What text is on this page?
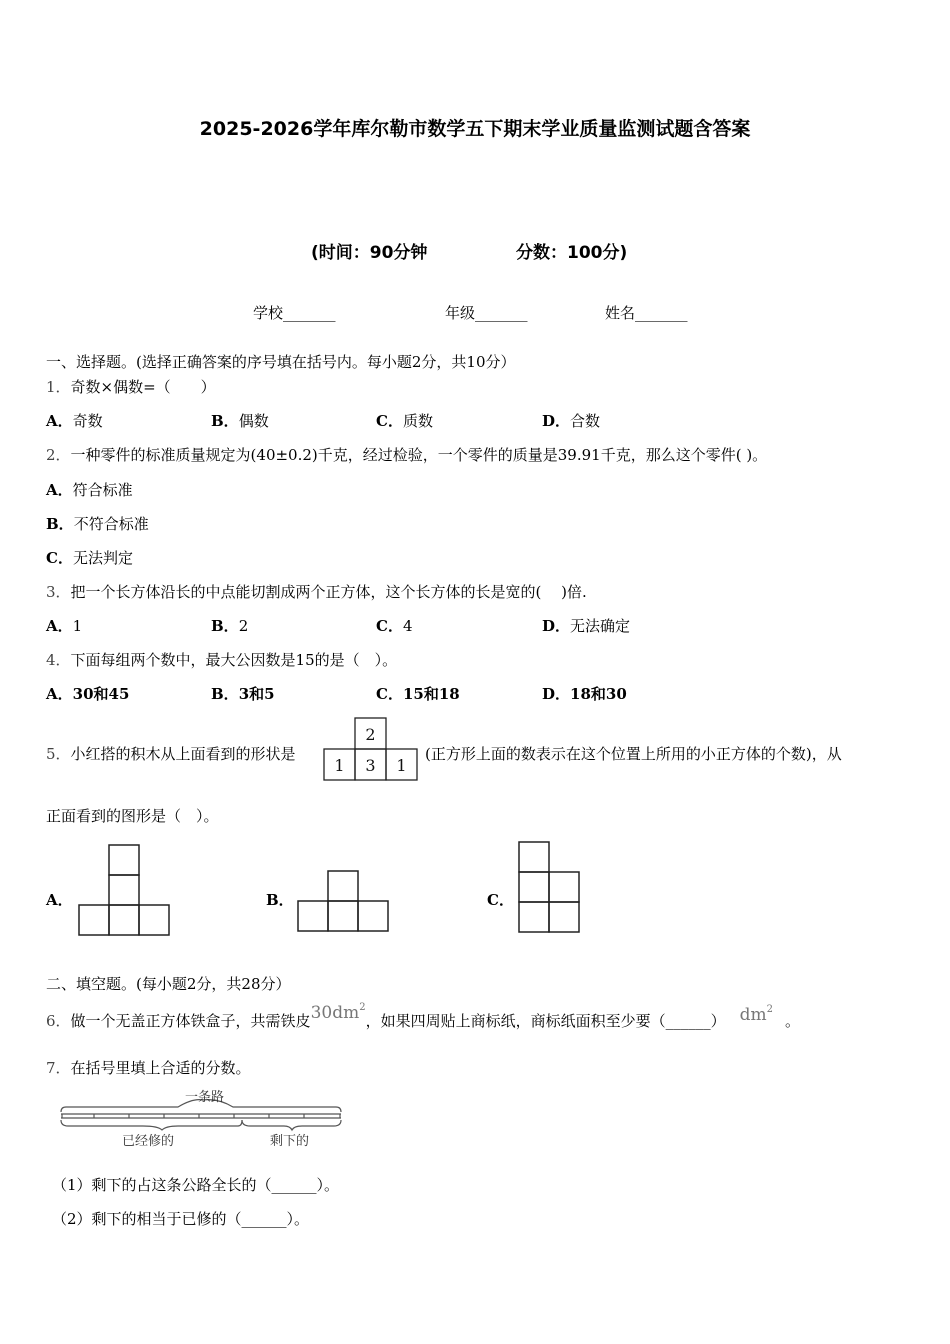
2025-2026学年库尔勒市数学五下期末学业质量监测试题含答案
(时间：90分钟	分数：100分)
学校_______	年级_______	姓名_______
一、选择题。(选择正确答案的序号填在括号内。每小题2分，共10分）
1．奇数×偶数=（　　）
A．奇数	B．偶数	C．质数	D．合数
2．一种零件的标准质量规定为(40±0.2)千克，经过检验，一个零件的质量是39.91千克，那么这个零件( )。
A．符合标准
B．不符合标准
C．无法判定
3．把一个长方体沿长的中点能切割成两个正方体，这个长方体的长是宽的(　 )倍.
A．1	B．2	C．4	D．无法确定
4．下面每组两个数中，最大公因数是15的是（　）。
A．30和45	B．3和5	C．15和18	D．18和30
5．小红搭的积木从上面看到的形状是
2
1 3 1
(正方形上面的数表示在这个位置上所用的小正方体的个数)，从
正面看到的图形是（　）。
A．	B．	C．
二、填空题。(每小题2分，共28分）
6．做一个无盖正方体铁盒子，共需铁皮$30dm^2$，如果四周贴上商标纸，商标纸面积至少要（______） $dm^2$。
7．在括号里填上合适的分数。
一条路
已经修的	剩下的
（1）剩下的占这条公路全长的（______）。
（2）剩下的相当于已修的（______）。
